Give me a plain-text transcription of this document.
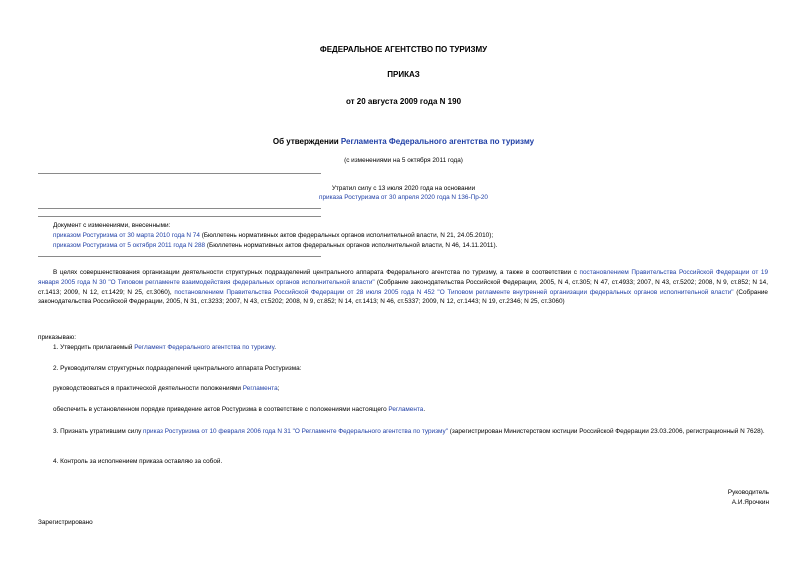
ФЕДЕРАЛЬНОЕ АГЕНТСТВО ПО ТУРИЗМУ
ПРИКАЗ
от 20 августа 2009 года N 190
Об утверждении Регламента Федерального агентства по туризму
(с изменениями на 5 октября 2011 года)
Утратил силу с 13 июля 2020 года на основании
приказа Ростуризма от 30 апреля 2020 года N 136-Пр-20
Документ с изменениями, внесенными:
приказом Ростуризма от 30 марта 2010 года N 74 (Бюллетень нормативных актов федеральных органов исполнительной власти, N 21, 24.05.2010);
приказом Ростуризма от 5 октября 2011 года N 288 (Бюллетень нормативных актов федеральных органов исполнительной власти, N 46, 14.11.2011).
В целях совершенствования организации деятельности структурных подразделений центрального аппарата Федерального агентства по туризму, а также в соответствии с постановлением Правительства Российской Федерации от 19 января 2005 года N 30 "О Типовом регламенте взаимодействия федеральных органов исполнительной власти" (Собрание законодательства Российской Федерации, 2005, N 4, ст.305; N 47, ст.4933; 2007, N 43, ст.5202; 2008, N 9, ст.852; N 14, ст.1413; 2009, N 12, ст.1429; N 25, ст.3060), постановлением Правительства Российской Федерации от 28 июля 2005 года N 452 "О Типовом регламенте внутренней организации федеральных органов исполнительной власти" (Собрание законодательства Российской Федерации, 2005, N 31, ст.3233; 2007, N 43, ст.5202; 2008, N 9, ст.852; N 14, ст.1413; N 46, ст.5337; 2009, N 12, ст.1443; N 19, ст.2346; N 25, ст.3060)
приказываю:
1. Утвердить прилагаемый Регламент Федерального агентства по туризму.
2. Руководителям структурных подразделений центрального аппарата Ростуризма:
руководствоваться в практической деятельности положениями Регламента;
обеспечить в установленном порядке приведение актов Ростуризма в соответствие с положениями настоящего Регламента.
3. Признать утратившим силу приказ Ростуризма от 10 февраля 2006 года N 31 "О Регламенте Федерального агентства по туризму" (зарегистрирован Министерством юстиции Российской Федерации 23.03.2006, регистрационный N 7628).
4. Контроль за исполнением приказа оставляю за собой.
Руководитель
А.И.Ярочкин
Зарегистрировано
